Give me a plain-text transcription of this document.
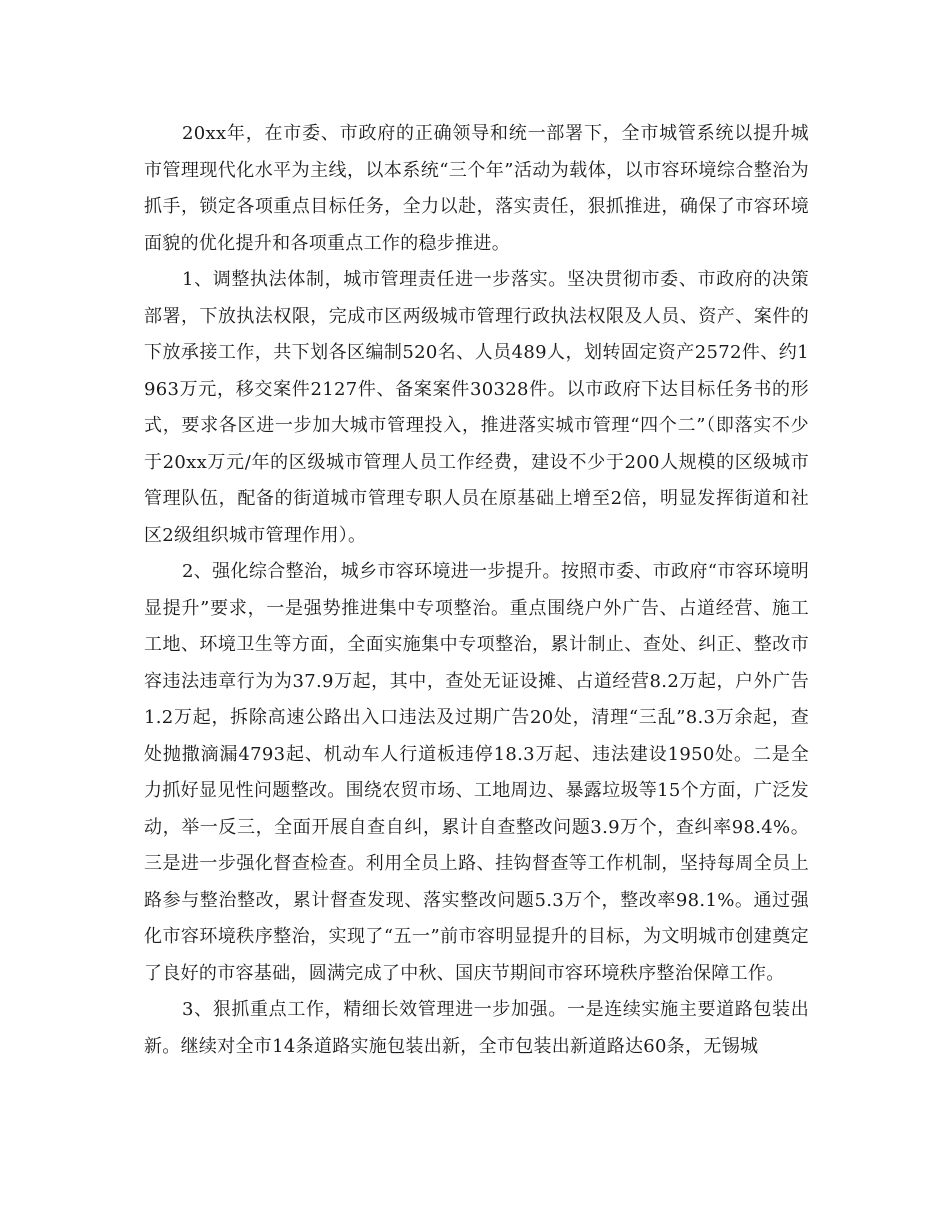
20xx年，在市委、市政府的正确领导和统一部署下，全市城管系统以提升城市管理现代化水平为主线，以本系统“三个年”活动为载体，以市容环境综合整治为抓手，锁定各项重点目标任务，全力以赴，落实责任，狠抓推进，确保了市容环境面貌的优化提升和各项重点工作的稳步推进。

1、调整执法体制，城市管理责任进一步落实。坚决贯彻市委、市政府的决策部署，下放执法权限，完成市区两级城市管理行政执法权限及人员、资产、案件的下放承接工作，共下划各区编制520名、人员489人，划转固定资产2572件、约1963万元，移交案件2127件、备案案件30328件。以市政府下达目标任务书的形式，要求各区进一步加大城市管理投入，推进落实城市管理“四个二”（即落实不少于20xx万元/年的区级城市管理人员工作经费，建设不少于200人规模的区级城市管理队伍，配备的街道城市管理专职人员在原基础上增至2倍，明显发挥街道和社区2级组织城市管理作用）。

2、强化综合整治，城乡市容环境进一步提升。按照市委、市政府“市容环境明显提升”要求，一是强势推进集中专项整治。重点围绕户外广告、占道经营、施工工地、环境卫生等方面，全面实施集中专项整治，累计制止、查处、纠正、整改市容违法违章行为为37.9万起，其中，查处无证设摊、占道经营8.2万起，户外广告1.2万起，拆除高速公路出入口违法及过期广告20处，清理“三乱”8.3万余起，查处抛撒滴漏4793起、机动车人行道板违停18.3万起、违法建设1950处。二是全力抓好显见性问题整改。围绕农贸市场、工地周边、暴露垃圾等15个方面，广泛发动，举一反三，全面开展自查自纠，累计自查整改问题3.9万个，查纠率98.4%。三是进一步强化督查检查。利用全员上路、挂钩督查等工作机制，坚持每周全员上路参与整治整改，累计督查发现、落实整改问题5.3万个，整改率98.1%。通过强化市容环境秩序整治，实现了“五一”前市容明显提升的目标，为文明城市创建奠定了良好的市容基础，圆满完成了中秋、国庆节期间市容环境秩序整治保障工作。

3、狠抓重点工作，精细长效管理进一步加强。一是连续实施主要道路包装出新。继续对全市14条道路实施包装出新，全市包装出新道路达60条，无锡城
